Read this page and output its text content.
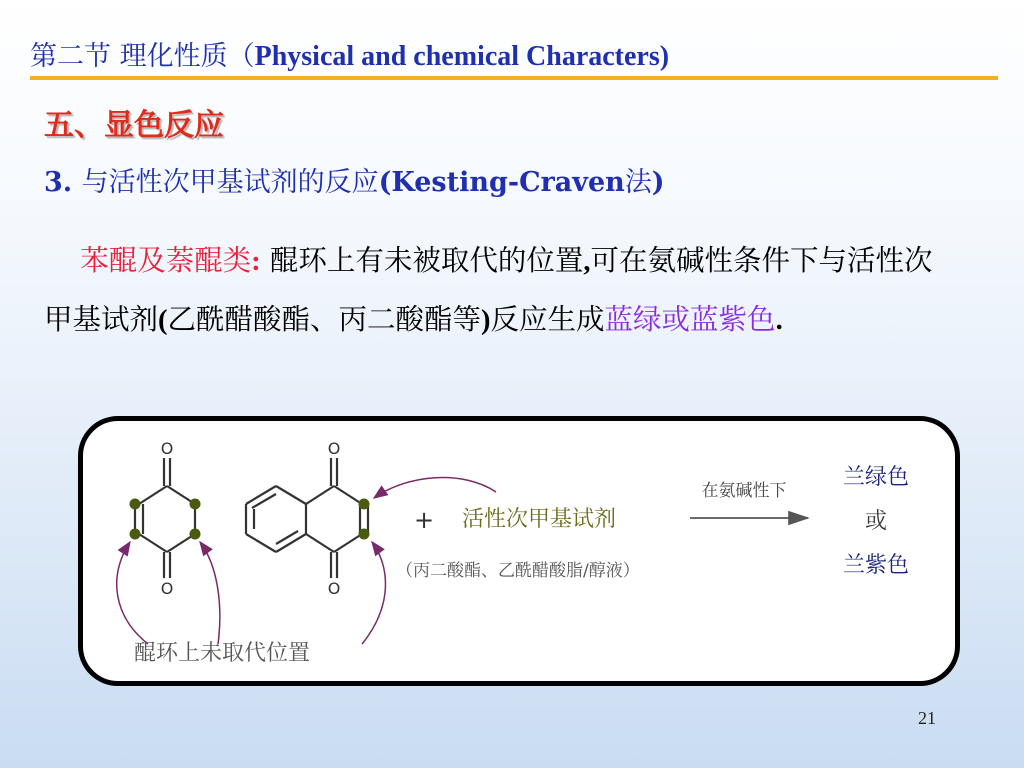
第二节 理化性质（Physical and chemical Characters)
五、显色反应
3. 与活性次甲基试剂的反应(Kesting-Craven法)
苯醌及萘醌类: 醌环上有未被取代的位置,可在氨碱性条件下与活性次甲基试剂(乙酰醋酸酯、丙二酸酯等)反应生成蓝绿或蓝紫色.
O
O
O
O
+ 活性次甲基试剂
（丙二酸酯、乙酰醋酸脂/醇液）
在氨碱性下
兰绿色
或
兰紫色
醌环上未取代位置
21
